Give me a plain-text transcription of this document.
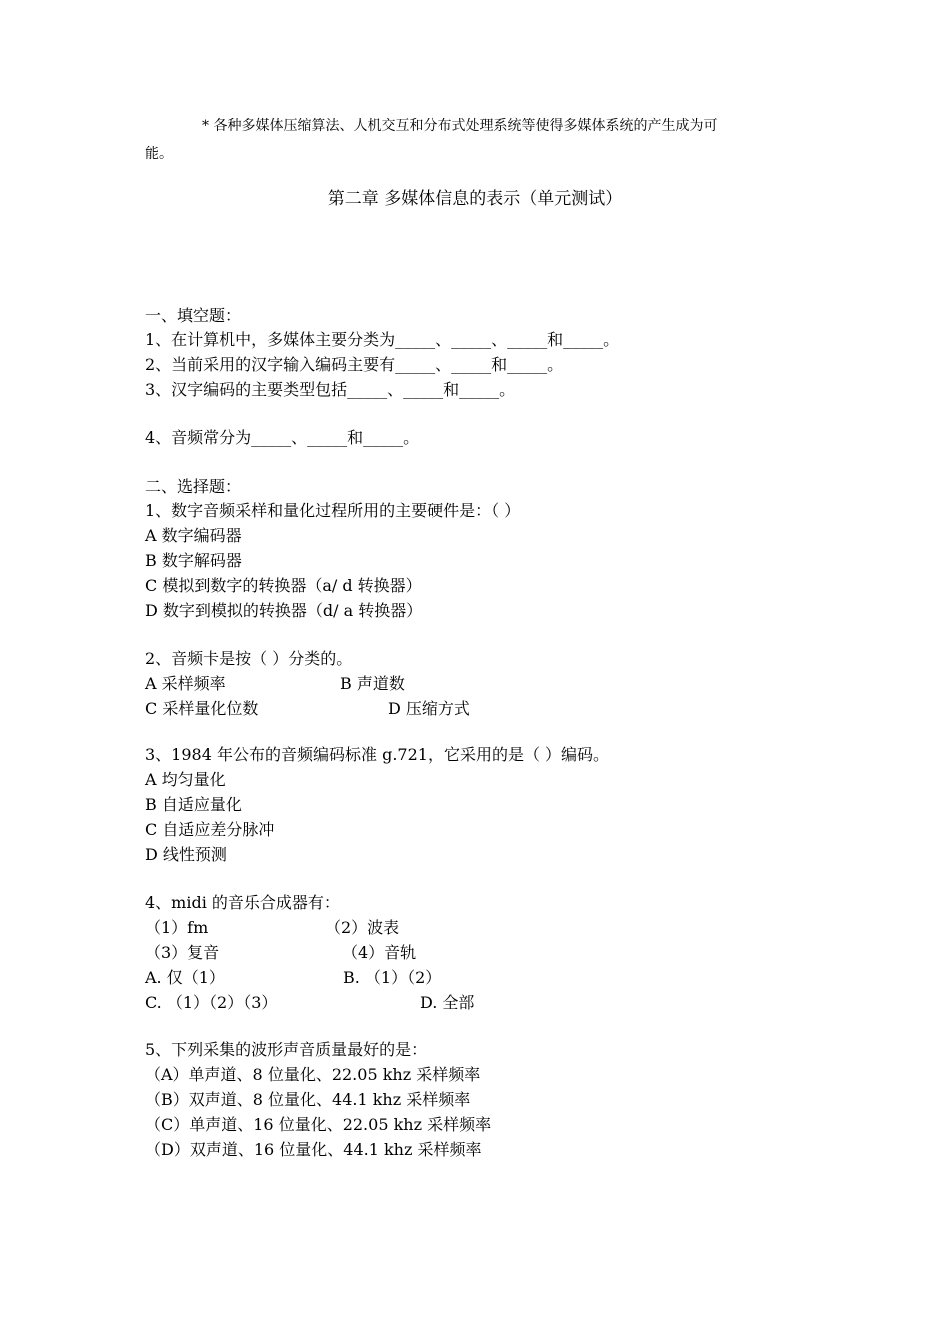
* 各种多媒体压缩算法、人机交互和分布式处理系统等使得多媒体系统的产生成为可

能。

第二章 多媒体信息的表示（单元测试）

一、填空题：

1、在计算机中，多媒体主要分类为_____、_____、_____和_____。

2、当前采用的汉字输入编码主要有_____、_____和_____。

3、汉字编码的主要类型包括_____、_____和_____。

4、音频常分为_____、_____和_____。

二、选择题：

1、数字音频采样和量化过程所用的主要硬件是：（ ）

A 数字编码器

B 数字解码器

C 模拟到数字的转换器（a/ d 转换器）

D 数字到模拟的转换器（d/ a 转换器）

2、音频卡是按（ ）分类的。

A 采样频率	B 声道数

C 采样量化位数	D 压缩方式

3、1984 年公布的音频编码标准 g.721，它采用的是（ ）编码。

A 均匀量化

B 自适应量化

C 自适应差分脉冲

D 线性预测

4、midi 的音乐合成器有：

（1）fm	（2）波表

（3）复音	（4）音轨

A. 仅（1）	B. （1）（2）

C. （1）（2）（3）	D. 全部

5、下列采集的波形声音质量最好的是：

（A）单声道、8 位量化、22.05 khz 采样频率

（B）双声道、8 位量化、44.1 khz 采样频率

（C）单声道、16 位量化、22.05 khz 采样频率

（D）双声道、16 位量化、44.1 khz 采样频率
